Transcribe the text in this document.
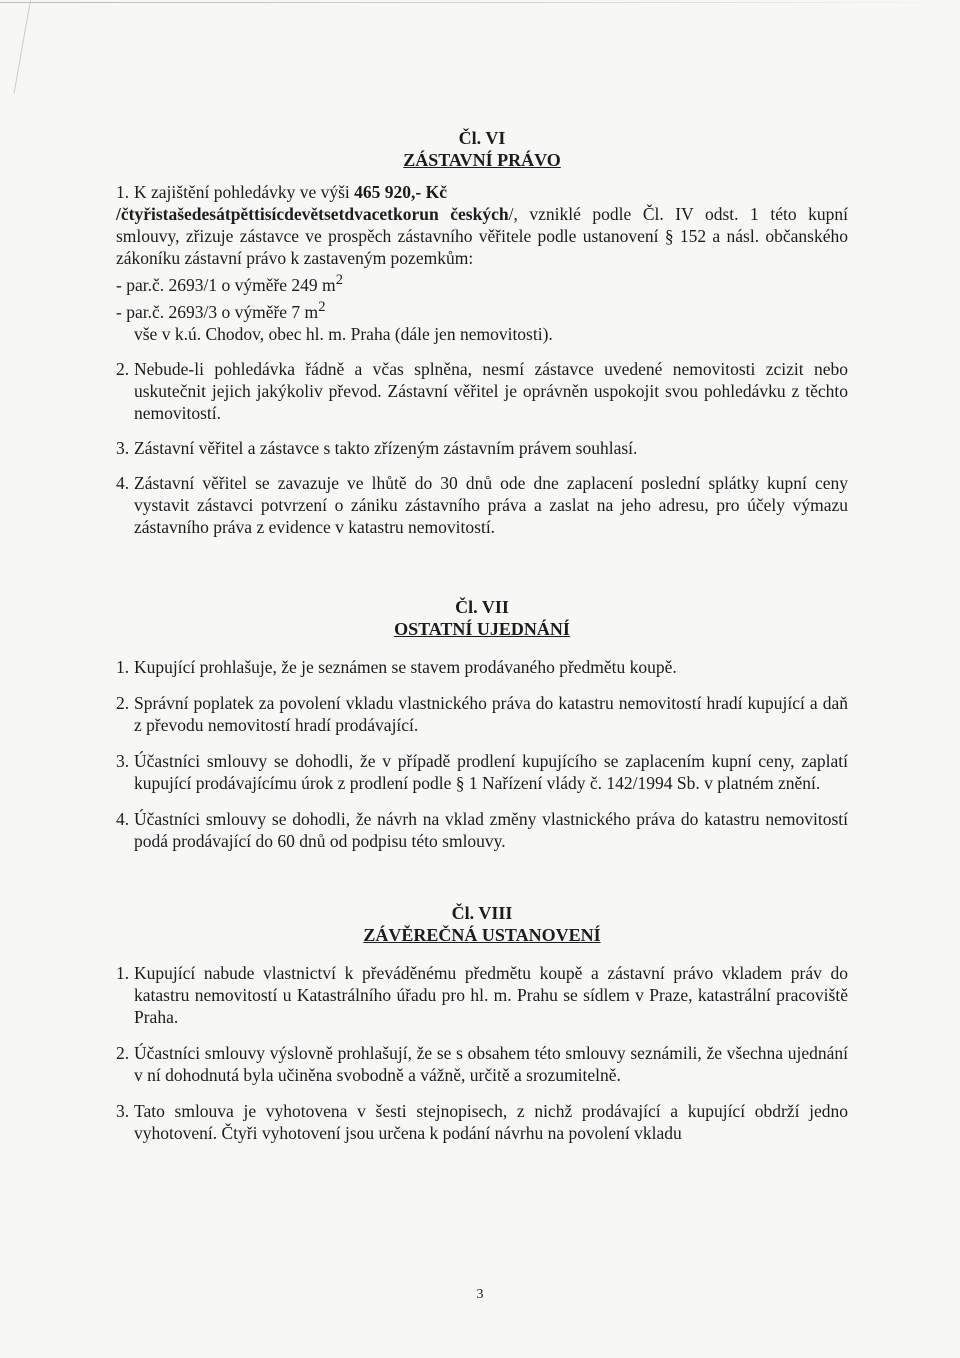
Čl. VI
ZÁSTAVNÍ PRÁVO
1. K zajištění pohledávky ve výši 465 920,- Kč
/čtyřistašedesátpěttisícdevětsetdvacetkorun českých/, vzniklé podle Čl. IV odst. 1 této kupní smlouvy, zřizuje zástavce ve prospěch zástavního věřitele podle ustanovení § 152 a násl. občanského zákoníku zástavní právo k zastaveným pozemkům:
- par.č. 2693/1 o výměře 249 $m^2$
- par.č. 2693/3 o výměře 7 $m^2$
vše v k.ú. Chodov, obec hl. m. Praha (dále jen nemovitosti).
2. Nebude-li pohledávka řádně a včas splněna, nesmí zástavce uvedené nemovitosti zcizit nebo uskutečnit jejich jakýkoliv převod. Zástavní věřitel je oprávněn uspokojit svou pohledávku z těchto nemovitostí.
3. Zástavní věřitel a zástavce s takto zřízeným zástavním právem souhlasí.
4. Zástavní věřitel se zavazuje ve lhůtě do 30 dnů ode dne zaplacení poslední splátky kupní ceny vystavit zástavci potvrzení o zániku zástavního práva a zaslat na jeho adresu, pro účely výmazu zástavního práva z evidence v katastru nemovitostí.
Čl. VII
OSTATNÍ UJEDNÁNÍ
1. Kupující prohlašuje, že je seznámen se stavem prodávaného předmětu koupě.
2. Správní poplatek za povolení vkladu vlastnického práva do katastru nemovitostí hradí kupující a daň z převodu nemovitostí hradí prodávající.
3. Účastníci smlouvy se dohodli, že v případě prodlení kupujícího se zaplacením kupní ceny, zaplatí kupující prodávajícímu úrok z prodlení podle § 1 Nařízení vlády č. 142/1994 Sb. v platném znění.
4. Účastníci smlouvy se dohodli, že návrh na vklad změny vlastnického práva do katastru nemovitostí podá prodávající do 60 dnů od podpisu této smlouvy.
Čl. VIII
ZÁVĚREČNÁ USTANOVENÍ
1. Kupující nabude vlastnictví k převáděnému předmětu koupě a zástavní právo vkladem práv do katastru nemovitostí u Katastrálního úřadu pro hl. m. Prahu se sídlem v Praze, katastrální pracoviště Praha.
2. Účastníci smlouvy výslovně prohlašují, že se s obsahem této smlouvy seznámili, že všechna ujednání v ní dohodnutá byla učiněna svobodně a vážně, určitě a srozumitelně.
3. Tato smlouva je vyhotovena v šesti stejnopisech, z nichž prodávající a kupující obdrží jedno vyhotovení. Čtyři vyhotovení jsou určena k podání návrhu na povolení vkladu
3
